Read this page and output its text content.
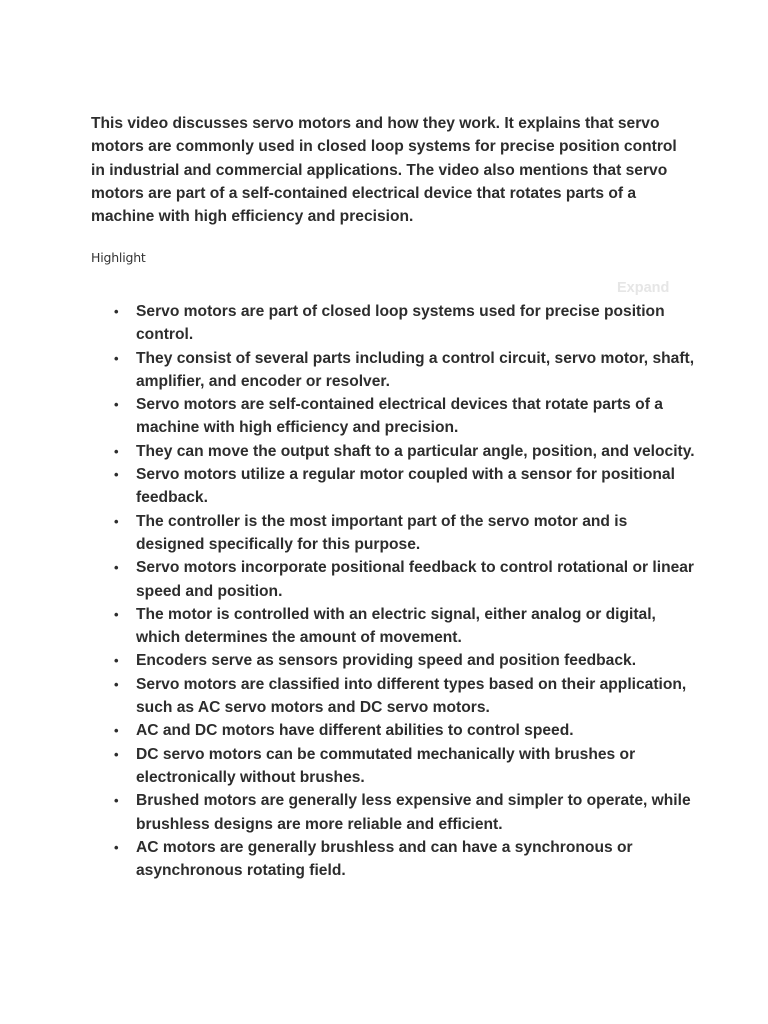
This video discusses servo motors and how they work. It explains that servo motors are commonly used in closed loop systems for precise position control in industrial and commercial applications. The video also mentions that servo motors are part of a self-contained electrical device that rotates parts of a machine with high efficiency and precision.

Highlight

Expand
• Servo motors are part of closed loop systems used for precise position control.
• They consist of several parts including a control circuit, servo motor, shaft, amplifier, and encoder or resolver.
• Servo motors are self-contained electrical devices that rotate parts of a machine with high efficiency and precision.
• They can move the output shaft to a particular angle, position, and velocity.
• Servo motors utilize a regular motor coupled with a sensor for positional feedback.
• The controller is the most important part of the servo motor and is designed specifically for this purpose.
• Servo motors incorporate positional feedback to control rotational or linear speed and position.
• The motor is controlled with an electric signal, either analog or digital, which determines the amount of movement.
• Encoders serve as sensors providing speed and position feedback.
• Servo motors are classified into different types based on their application, such as AC servo motors and DC servo motors.
• AC and DC motors have different abilities to control speed.
• DC servo motors can be commutated mechanically with brushes or electronically without brushes.
• Brushed motors are generally less expensive and simpler to operate, while brushless designs are more reliable and efficient.
• AC motors are generally brushless and can have a synchronous or asynchronous rotating field.
